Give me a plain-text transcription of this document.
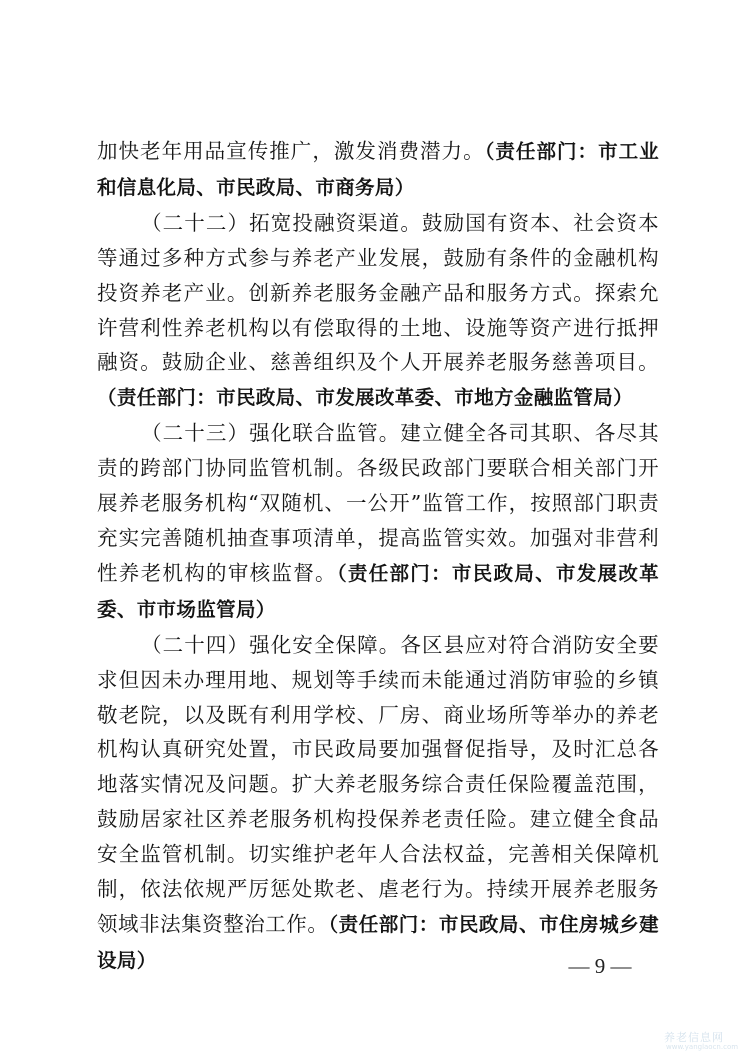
加快老年用品宣传推广，激发消费潜力。（责任部门：市工业和信息化局、市民政局、市商务局）

（二十二）拓宽投融资渠道。鼓励国有资本、社会资本等通过多种方式参与养老产业发展，鼓励有条件的金融机构投资养老产业。创新养老服务金融产品和服务方式。探索允许营利性养老机构以有偿取得的土地、设施等资产进行抵押融资。鼓励企业、慈善组织及个人开展养老服务慈善项目。（责任部门：市民政局、市发展改革委、市地方金融监管局）

（二十三）强化联合监管。建立健全各司其职、各尽其责的跨部门协同监管机制。各级民政部门要联合相关部门开展养老服务机构“双随机、一公开”监管工作，按照部门职责充实完善随机抽查事项清单，提高监管实效。加强对非营利性养老机构的审核监督。（责任部门：市民政局、市发展改革委、市市场监管局）

（二十四）强化安全保障。各区县应对符合消防安全要求但因未办理用地、规划等手续而未能通过消防审验的乡镇敬老院，以及既有利用学校、厂房、商业场所等举办的养老机构认真研究处置，市民政局要加强督促指导，及时汇总各地落实情况及问题。扩大养老服务综合责任保险覆盖范围，鼓励居家社区养老服务机构投保养老责任险。建立健全食品安全监管机制。切实维护老年人合法权益，完善相关保障机制，依法依规严厉惩处欺老、虐老行为。持续开展养老服务领域非法集资整治工作。（责任部门：市民政局、市住房城乡建设局）	— 9 —
养老信息网
www.yanglaocn.com
